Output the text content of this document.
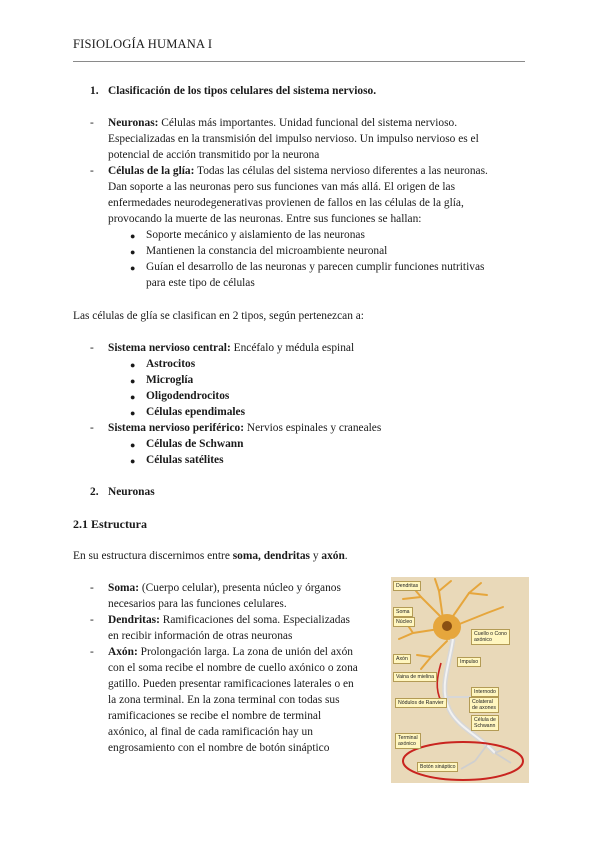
FISIOLOGÍA HUMANA I
1. Clasificación de los tipos celulares del sistema nervioso.
- Neuronas: Células más importantes. Unidad funcional del sistema nervioso.
Especializadas en la transmisión del impulso nervioso. Un impulso nervioso es el
potencial de acción transmitido por la neurona
- Células de la glía: Todas las células del sistema nervioso diferentes a las neuronas.
Dan soporte a las neuronas pero sus funciones van más allá. El origen de las
enfermedades neurodegenerativas provienen de fallos en las células de la glía,
provocando la muerte de las neuronas. Entre sus funciones se hallan:
● Soporte mecánico y aislamiento de las neuronas
● Mantienen la constancia del microambiente neuronal
● Guían el desarrollo de las neuronas y parecen cumplir funciones nutritivas
para este tipo de células
Las células de glía se clasifican en 2 tipos, según pertenezcan a:
- Sistema nervioso central: Encéfalo y médula espinal
● Astrocitos
● Microglía
● Oligodendrocitos
● Células ependimales
- Sistema nervioso periférico: Nervios espinales y craneales
● Células de Schwann
● Células satélites
2. Neuronas
2.1 Estructura
En su estructura discernimos entre soma, dendritas y axón.
- Soma: (Cuerpo celular), presenta núcleo y órganos
necesarios para las funciones celulares.
- Dendritas: Ramificaciones del soma. Especializadas
en recibir información de otras neuronas
- Axón: Prolongación larga. La zona de unión del axón
con el soma recibe el nombre de cuello axónico o zona
gatillo. Pueden presentar ramificaciones laterales o en
la zona terminal. En la zona terminal con todas sus
ramificaciones se recibe el nombre de terminal
axónico, al final de cada ramificación hay un
engrosamiento con el nombre de botón sináptico
Dendritas
Soma
Núcleo
Cuello o Cono
axónico
Axón	Impulso
Vaina de mielina
Internodo
Nódulos de Ranvier	Colateral
de axones
Célula de
Schwann
Terminal
axónico
Botón sináptico
